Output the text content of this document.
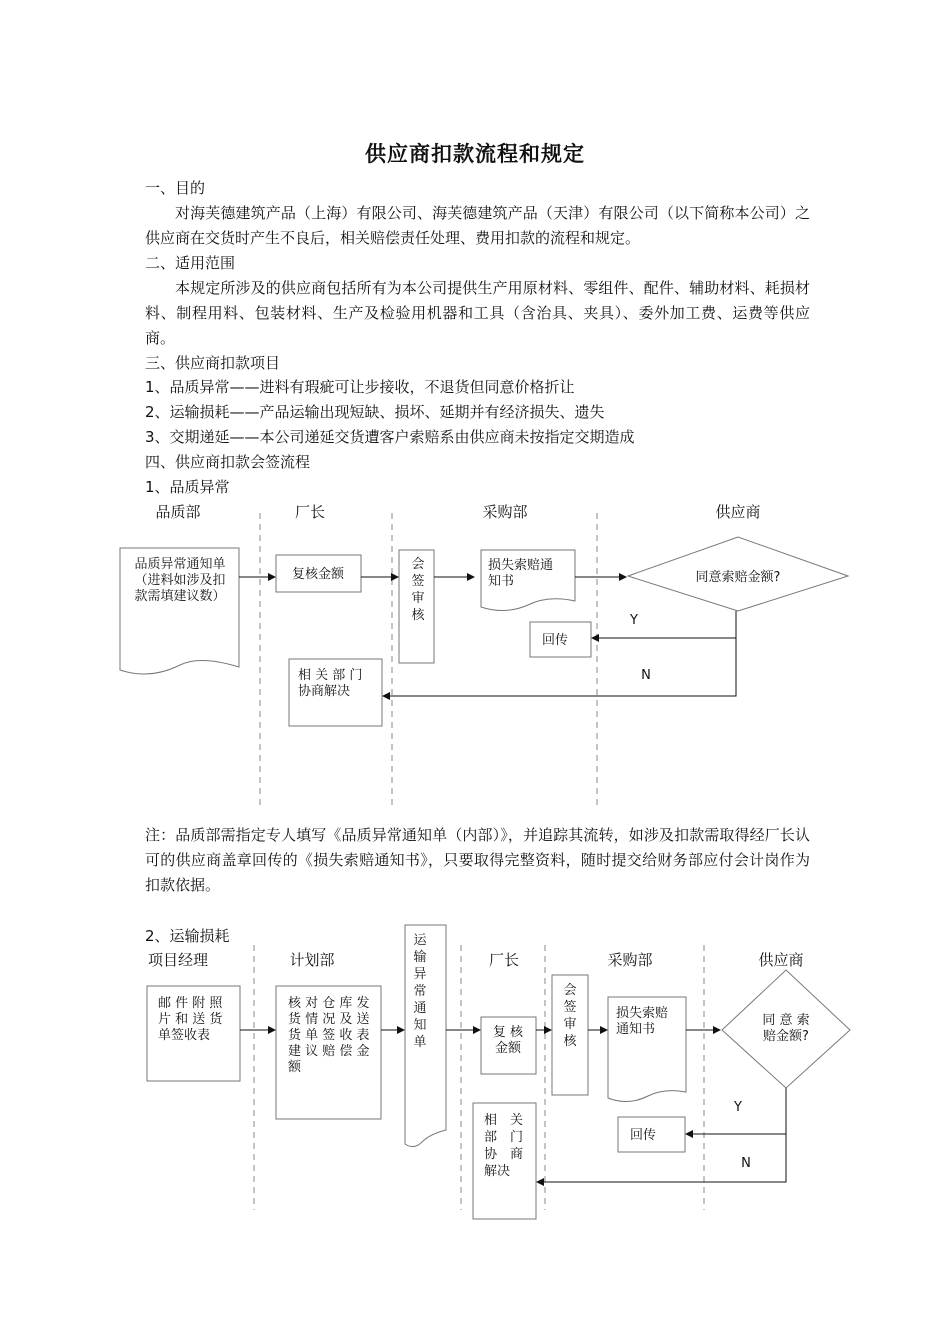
供应商扣款流程和规定
一、目的
对海芙德建筑产品（上海）有限公司、海芙德建筑产品（天津）有限公司（以下简称本公司）之供应商在交货时产生不良后，相关赔偿责任处理、费用扣款的流程和规定。
二、适用范围
本规定所涉及的供应商包括所有为本公司提供生产用原材料、零组件、配件、辅助材料、耗损材料、制程用料、包装材料、生产及检验用机器和工具（含治具、夹具）、委外加工费、运费等供应商。
三、供应商扣款项目
1、品质异常——进料有瑕疵可让步接收，不退货但同意价格折让
2、运输损耗——产品运输出现短缺、损坏、延期并有经济损失、遗失
3、交期递延——本公司递延交货遭客户索赔系由供应商未按指定交期造成
四、供应商扣款会签流程
1、品质异常
品质部	厂长	采购部	供应商
品质异常通知单
（进料如涉及扣
款需填建议数）
复核金额
会
签
审
核
损失索赔通
知书	同意索赔金额?
回传
相 关 部 门
协商解决
Y
N
注：品质部需指定专人填写《品质异常通知单（内部）》，并追踪其流转，如涉及扣款需取得经厂长认可的供应商盖章回传的《损失索赔通知书》，只要取得完整资料，随时提交给财务部应付会计岗作为扣款依据。
2、运输损耗
项目经理	计划部	厂长	采购部	供应商
邮 件 附 照
片 和 送 货
单签收表
核 对 仓 库 发
货 情 况 及 送
货 单 签 收 表
建 议 赔 偿 金
额
运
输
异
常
通
知
单
复 核
金额
会
签
审
核
损失索赔
通知书
同 意 索
赔金额?
回传
相　关
部　门
协　商
解决
Y
N
